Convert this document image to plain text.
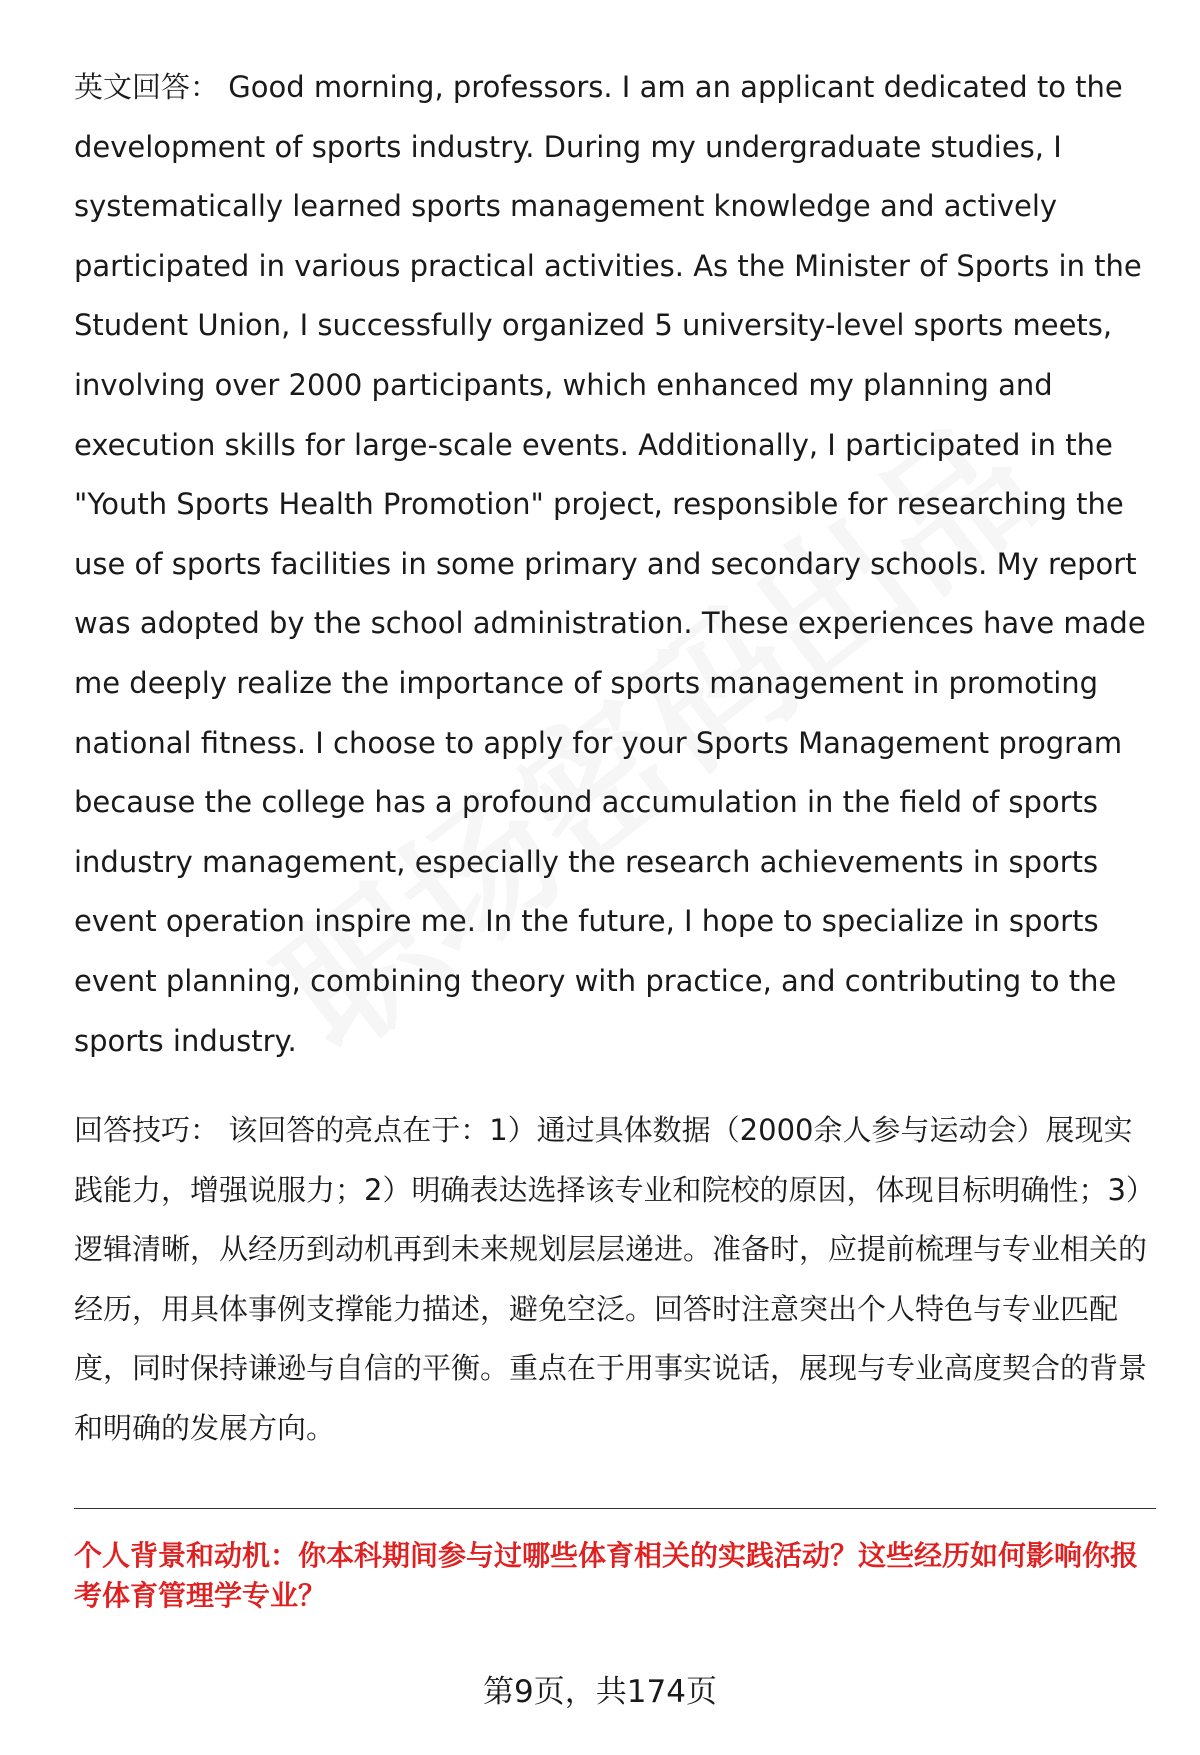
英文回答： Good morning, professors. I am an applicant dedicated to the development of sports industry. During my undergraduate studies, I systematically learned sports management knowledge and actively participated in various practical activities. As the Minister of Sports in the Student Union, I successfully organized 5 university-level sports meets, involving over 2000 participants, which enhanced my planning and execution skills for large-scale events. Additionally, I participated in the "Youth Sports Health Promotion" project, responsible for researching the use of sports facilities in some primary and secondary schools. My report was adopted by the school administration. These experiences have made me deeply realize the importance of sports management in promoting national fitness. I choose to apply for your Sports Management program because the college has a profound accumulation in the field of sports industry management, especially the research achievements in sports event operation inspire me. In the future, I hope to specialize in sports event planning, combining theory with practice, and contributing to the sports industry.

回答技巧： 该回答的亮点在于：1）通过具体数据（2000余人参与运动会）展现实践能力，增强说服力；2）明确表达选择该专业和院校的原因，体现目标明确性；3）逻辑清晰，从经历到动机再到未来规划层层递进。准备时，应提前梳理与专业相关的经历，用具体事例支撑能力描述，避免空泛。回答时注意突出个人特色与专业匹配度，同时保持谦逊与自信的平衡。重点在于用事实说话，展现与专业高度契合的背景和明确的发展方向。

个人背景和动机：你本科期间参与过哪些体育相关的实践活动？这些经历如何影响你报考体育管理学专业？

第9页，共174页
